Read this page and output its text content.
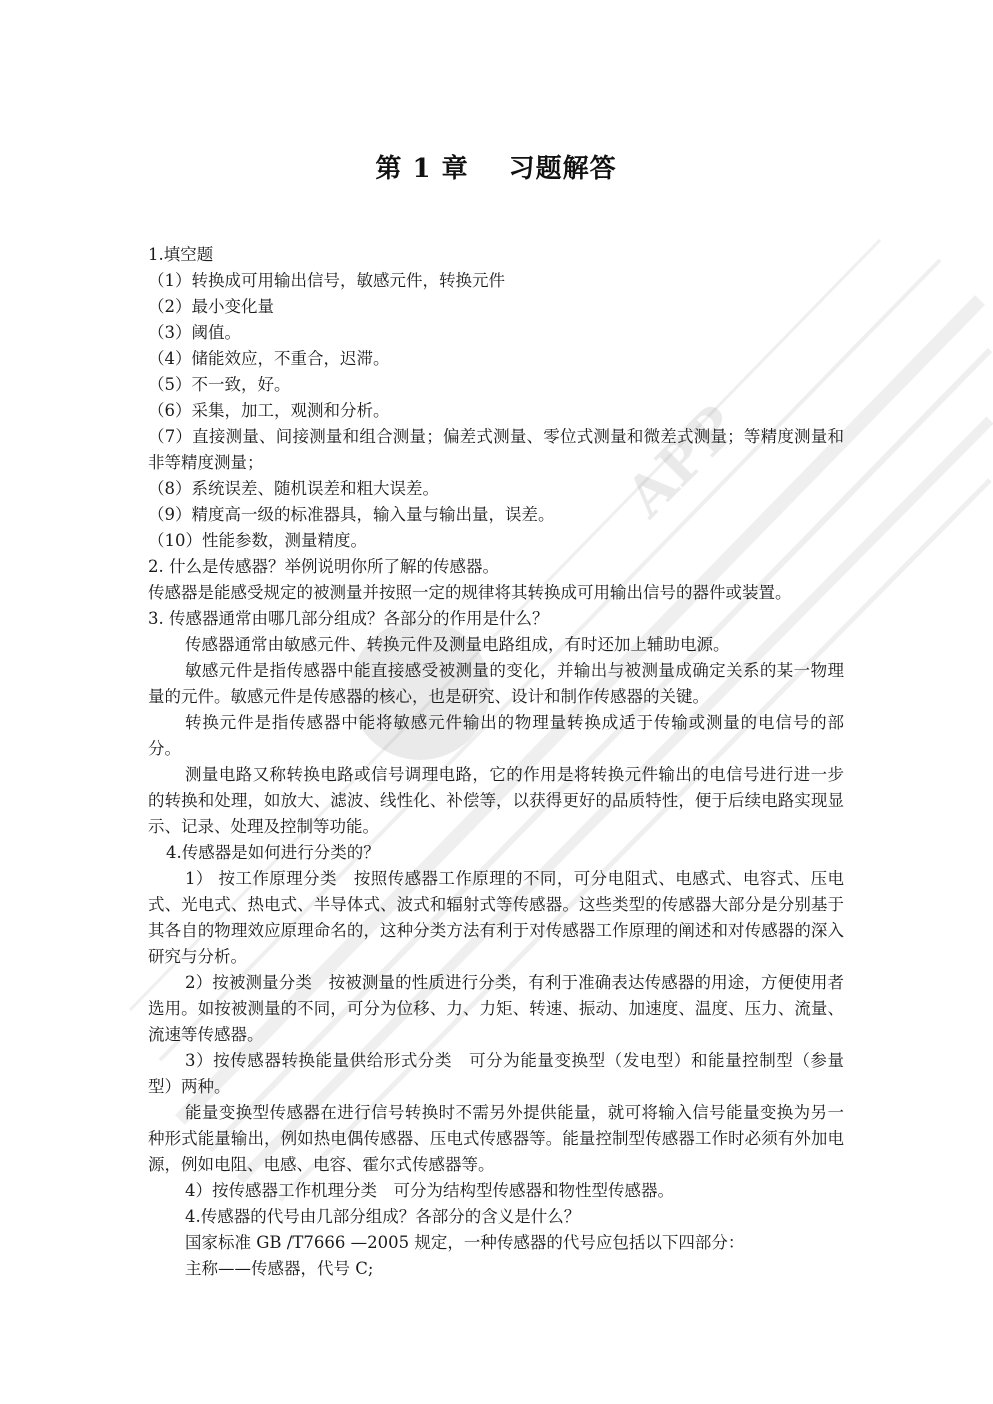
APP
第 1 章 习题解答

1.填空题

（1）转换成可用输出信号，敏感元件，转换元件

（2）最小变化量

（3）阈值。

（4）储能效应，不重合，迟滞。

（5）不一致，好。

（6）采集，加工，观测和分析。

（7）直接测量、间接测量和组合测量；偏差式测量、零位式测量和微差式测量；等精度测量和非等精度测量；

（8）系统误差、随机误差和粗大误差。

（9）精度高一级的标准器具，输入量与输出量，误差。

（10）性能参数，测量精度。

2. 什么是传感器？举例说明你所了解的传感器。

传感器是能感受规定的被测量并按照一定的规律将其转换成可用输出信号的器件或装置。

3. 传感器通常由哪几部分组成？各部分的作用是什么？

传感器通常由敏感元件、转换元件及测量电路组成，有时还加上辅助电源。

敏感元件是指传感器中能直接感受被测量的变化，并输出与被测量成确定关系的某一物理量的元件。敏感元件是传感器的核心，也是研究、设计和制作传感器的关键。

转换元件是指传感器中能将敏感元件输出的物理量转换成适于传输或测量的电信号的部分。

测量电路又称转换电路或信号调理电路，它的作用是将转换元件输出的电信号进行进一步的转换和处理，如放大、滤波、线性化、补偿等，以获得更好的品质特性，便于后续电路实现显示、记录、处理及控制等功能。

4.传感器是如何进行分类的？

1） 按工作原理分类　按照传感器工作原理的不同，可分电阻式、电感式、电容式、压电式、光电式、热电式、半导体式、波式和辐射式等传感器。这些类型的传感器大部分是分别基于其各自的物理效应原理命名的，这种分类方法有利于对传感器工作原理的阐述和对传感器的深入研究与分析。

2）按被测量分类　按被测量的性质进行分类，有利于准确表达传感器的用途，方便使用者选用。如按被测量的不同，可分为位移、力、力矩、转速、振动、加速度、温度、压力、流量、流速等传感器。

3）按传感器转换能量供给形式分类　可分为能量变换型（发电型）和能量控制型（参量型）两种。

能量变换型传感器在进行信号转换时不需另外提供能量，就可将输入信号能量变换为另一种形式能量输出，例如热电偶传感器、压电式传感器等。能量控制型传感器工作时必须有外加电源，例如电阻、电感、电容、霍尔式传感器等。

4）按传感器工作机理分类　可分为结构型传感器和物性型传感器。

4.传感器的代号由几部分组成？各部分的含义是什么？

国家标准 GB /T7666 —2005 规定，一种传感器的代号应包括以下四部分：

主称——传感器，代号 C;
